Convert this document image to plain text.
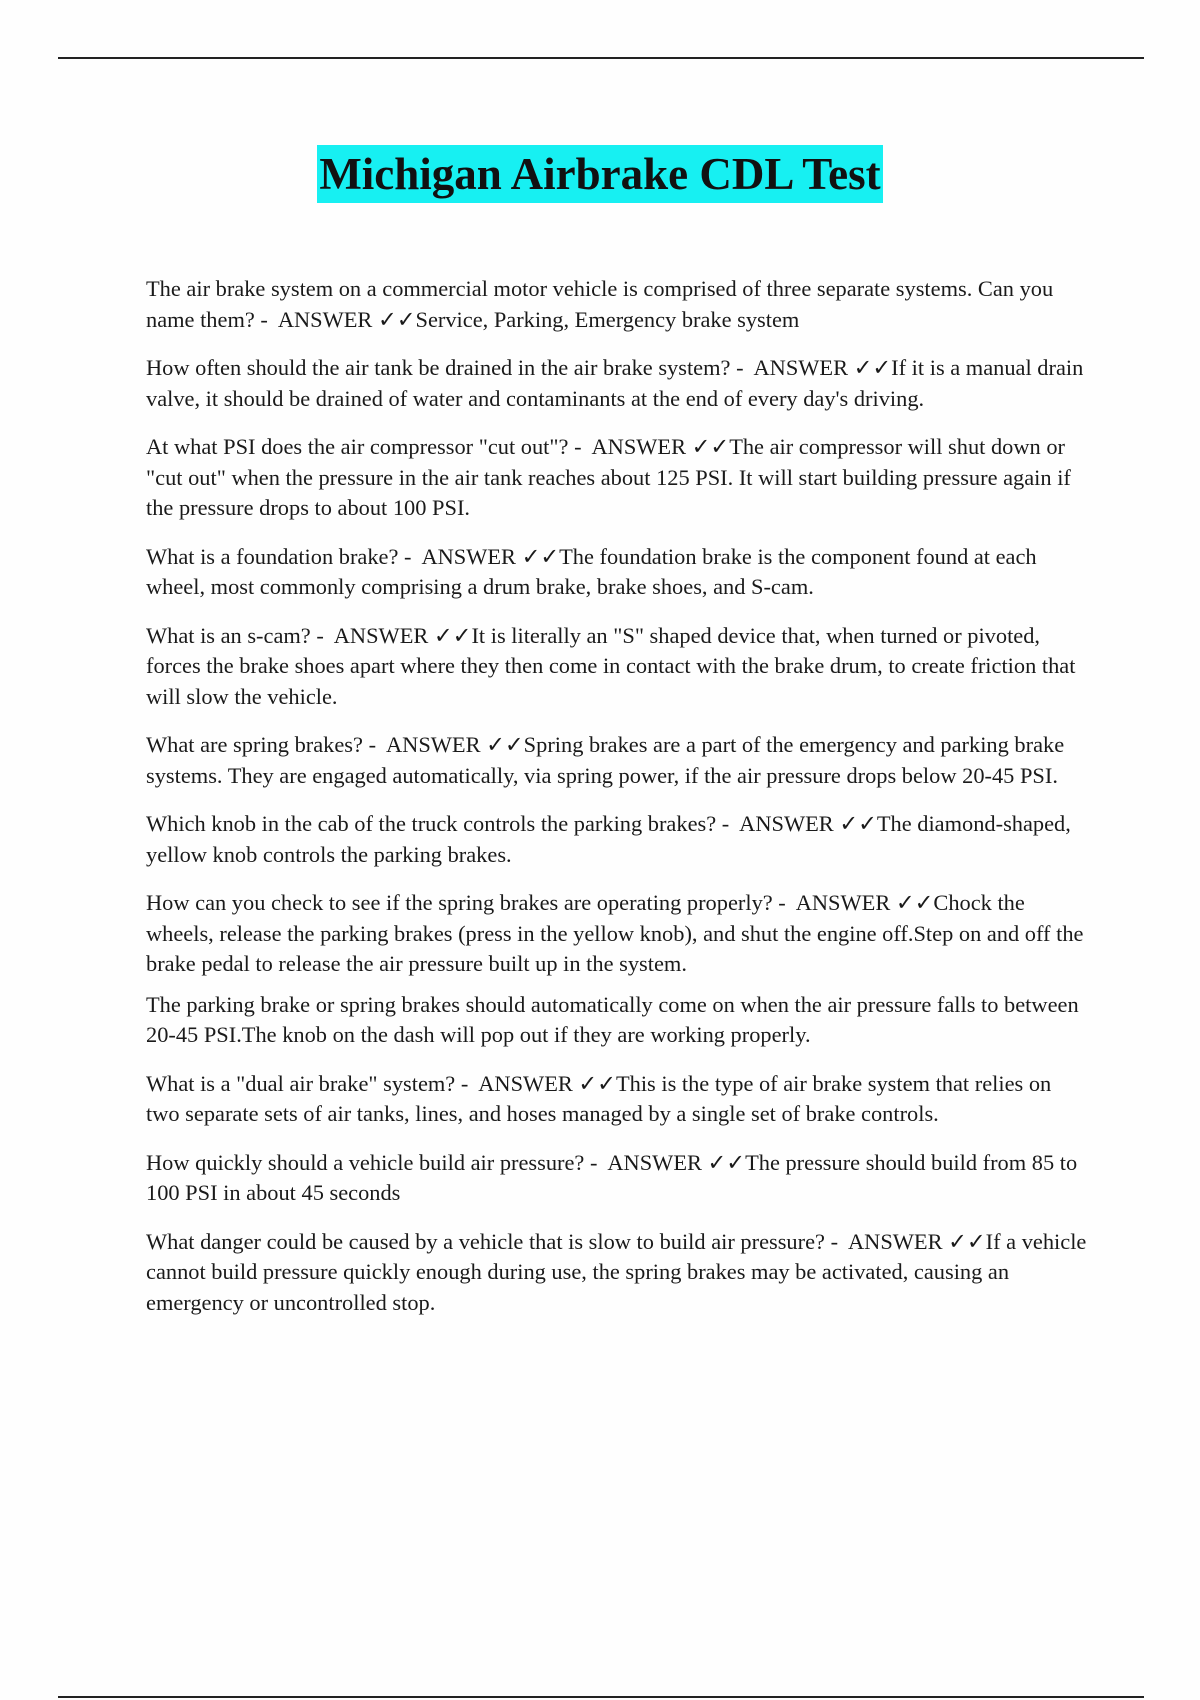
Michigan Airbrake CDL Test

The air brake system on a commercial motor vehicle is comprised of three separate systems. Can you name them? -  ANSWER ✓✓Service, Parking, Emergency brake system

How often should the air tank be drained in the air brake system? -  ANSWER ✓✓If it is a manual drain valve, it should be drained of water and contaminants at the end of every day's driving.

At what PSI does the air compressor "cut out"? -  ANSWER ✓✓The air compressor will shut down or "cut out" when the pressure in the air tank reaches about 125 PSI. It will start building pressure again if the pressure drops to about 100 PSI.

What is a foundation brake? -  ANSWER ✓✓The foundation brake is the component found at each wheel, most commonly comprising a drum brake, brake shoes, and S-cam.

What is an s-cam? -  ANSWER ✓✓It is literally an "S" shaped device that, when turned or pivoted, forces the brake shoes apart where they then come in contact with the brake drum, to create friction that will slow the vehicle.

What are spring brakes? -  ANSWER ✓✓Spring brakes are a part of the emergency and parking brake systems. They are engaged automatically, via spring power, if the air pressure drops below 20-45 PSI.

Which knob in the cab of the truck controls the parking brakes? -  ANSWER ✓✓The diamond-shaped, yellow knob controls the parking brakes.

How can you check to see if the spring brakes are operating properly? -  ANSWER ✓✓Chock the wheels, release the parking brakes (press in the yellow knob), and shut the engine off.Step on and off the brake pedal to release the air pressure built up in the system.

The parking brake or spring brakes should automatically come on when the air pressure falls to between 20-45 PSI.The knob on the dash will pop out if they are working properly.

What is a "dual air brake" system? -  ANSWER ✓✓This is the type of air brake system that relies on two separate sets of air tanks, lines, and hoses managed by a single set of brake controls.

How quickly should a vehicle build air pressure? -  ANSWER ✓✓The pressure should build from 85 to 100 PSI in about 45 seconds

What danger could be caused by a vehicle that is slow to build air pressure? -  ANSWER ✓✓If a vehicle cannot build pressure quickly enough during use, the spring brakes may be activated, causing an emergency or uncontrolled stop.
